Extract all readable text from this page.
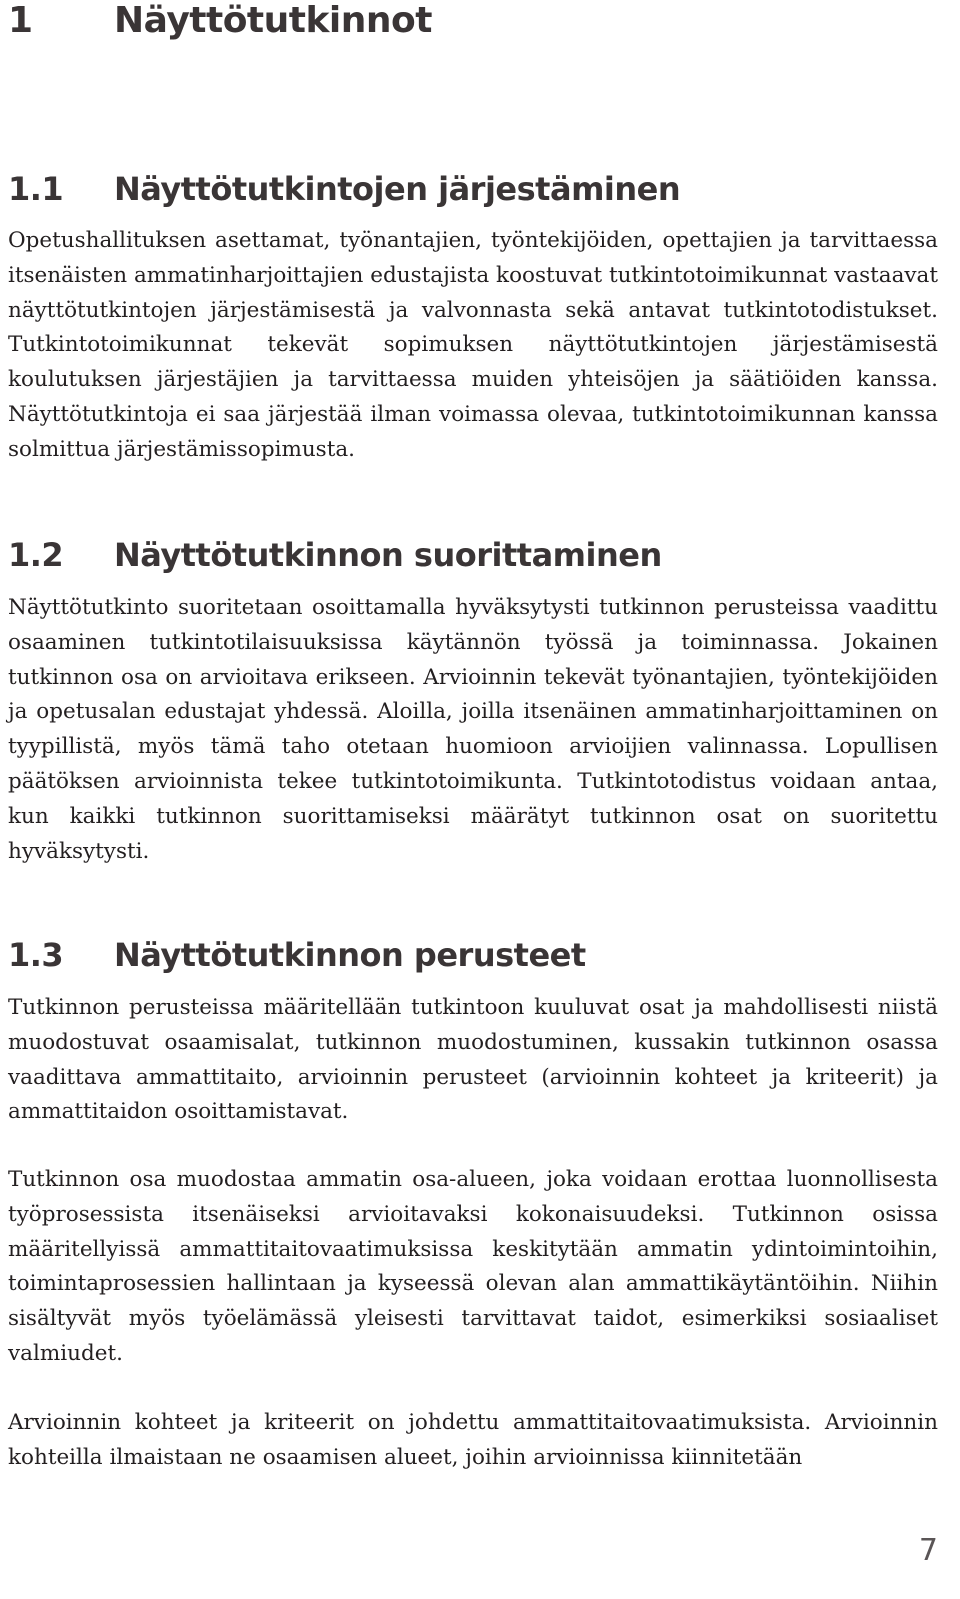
1 Näyttötutkinnot
1.1 Näyttötutkintojen järjestäminen

Opetushallituksen asettamat, työnantajien, työntekijöiden, opettajien ja tarvittaessa itsenäisten ammatinharjoittajien edustajista koostuvat tutkintotoimikunnat vastaavat näyttötutkintojen järjestämisestä ja valvonnasta sekä antavat tutkintotodistukset. Tutkintotoimikunnat tekevät sopimuksen näyttötutkintojen järjestämisestä koulutuksen järjestäjien ja tarvittaessa muiden yhteisöjen ja säätiöiden kanssa. Näyttötutkintoja ei saa järjestää ilman voimassa olevaa, tutkintotoimikunnan kanssa solmittua järjestämissopimusta.

1.2 Näyttötutkinnon suorittaminen

Näyttötutkinto suoritetaan osoittamalla hyväksytysti tutkinnon perusteissa vaadittu osaaminen tutkintotilaisuuksissa käytännön työssä ja toiminnassa. Jokainen tutkinnon osa on arvioitava erikseen. Arvioinnin tekevät työnantajien, työntekijöiden ja opetusalan edustajat yhdessä. Aloilla, joilla itsenäinen ammatinharjoittaminen on tyypillistä, myös tämä taho otetaan huomioon arvioijien valinnassa. Lopullisen päätöksen arvioinnista tekee tutkintotoimikunta. Tutkintotodistus voidaan antaa, kun kaikki tutkinnon suorittamiseksi määrätyt tutkinnon osat on suoritettu hyväksytysti.

1.3 Näyttötutkinnon perusteet

Tutkinnon perusteissa määritellään tutkintoon kuuluvat osat ja mahdollisesti niistä muodostuvat osaamisalat, tutkinnon muodostuminen, kussakin tutkinnon osassa vaadittava ammattitaito, arvioinnin perusteet (arvioinnin kohteet ja kriteerit) ja ammattitaidon osoittamistavat.

Tutkinnon osa muodostaa ammatin osa-alueen, joka voidaan erottaa luonnollisesta työprosessista itsenäiseksi arvioitavaksi kokonaisuudeksi. Tutkinnon osissa määritellyissä ammattitaitovaatimuksissa keskitytään ammatin ydintoimintoihin, toimintaprosessien hallintaan ja kyseessä olevan alan ammattikäytäntöihin. Niihin sisältyvät myös työelämässä yleisesti tarvittavat taidot, esimerkiksi sosiaaliset valmiudet.

Arvioinnin kohteet ja kriteerit on johdettu ammattitaitovaatimuksista. Arvioinnin kohteilla ilmaistaan ne osaamisen alueet, joihin arvioinnissa kiinnitetään

7
